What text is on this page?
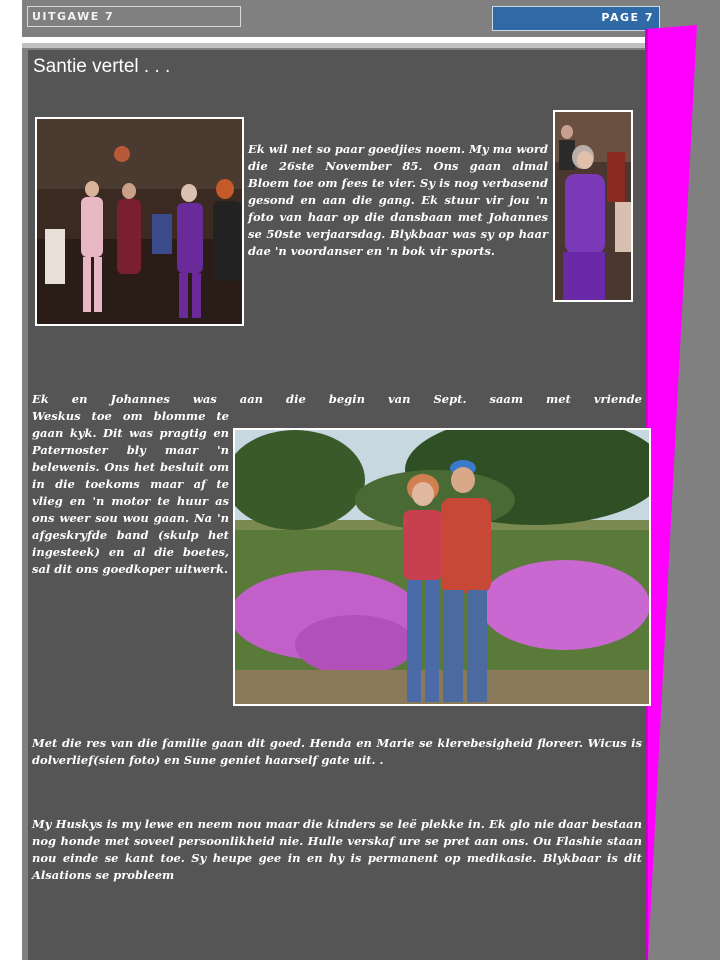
UITGAWE 7	PAGE 7
Santie vertel . . .
Ek wil net so paar goedjies noem. My ma word die 26ste November 85. Ons gaan almal Bloem toe om fees te vier. Sy is nog verbasend gesond en aan die gang. Ek stuur vir jou 'n foto van haar op die dansbaan met Johannes se 50ste verjaarsdag. Blykbaar was sy op haar dae 'n voordanser en 'n bok vir sports.
Ek en Johannes was aan die begin van Sept. saam met vriende
Weskus toe om blomme te gaan kyk. Dit was pragtig en Paternoster bly maar 'n belewenis. Ons het besluit om in die toekoms maar af te vlieg en 'n motor te huur as ons weer sou wou gaan. Na 'n afgeskryfde band (skulp het ingesteek) en al die boetes, sal dit ons goedkoper uitwerk.
Met die res van die familie gaan dit goed. Henda en Marie se klerebesigheid floreer. Wicus is dolverlief(sien foto) en Sune geniet haarself gate uit. .
My Huskys is my lewe en neem nou maar die kinders se leë plekke in. Ek glo nie daar bestaan nog honde met soveel persoonlikheid nie. Hulle verskaf ure se pret aan ons. Ou Flashie staan nou einde se kant toe. Sy heupe gee in en hy is permanent op medikasie. Blykbaar is dit Alsations se probleem
